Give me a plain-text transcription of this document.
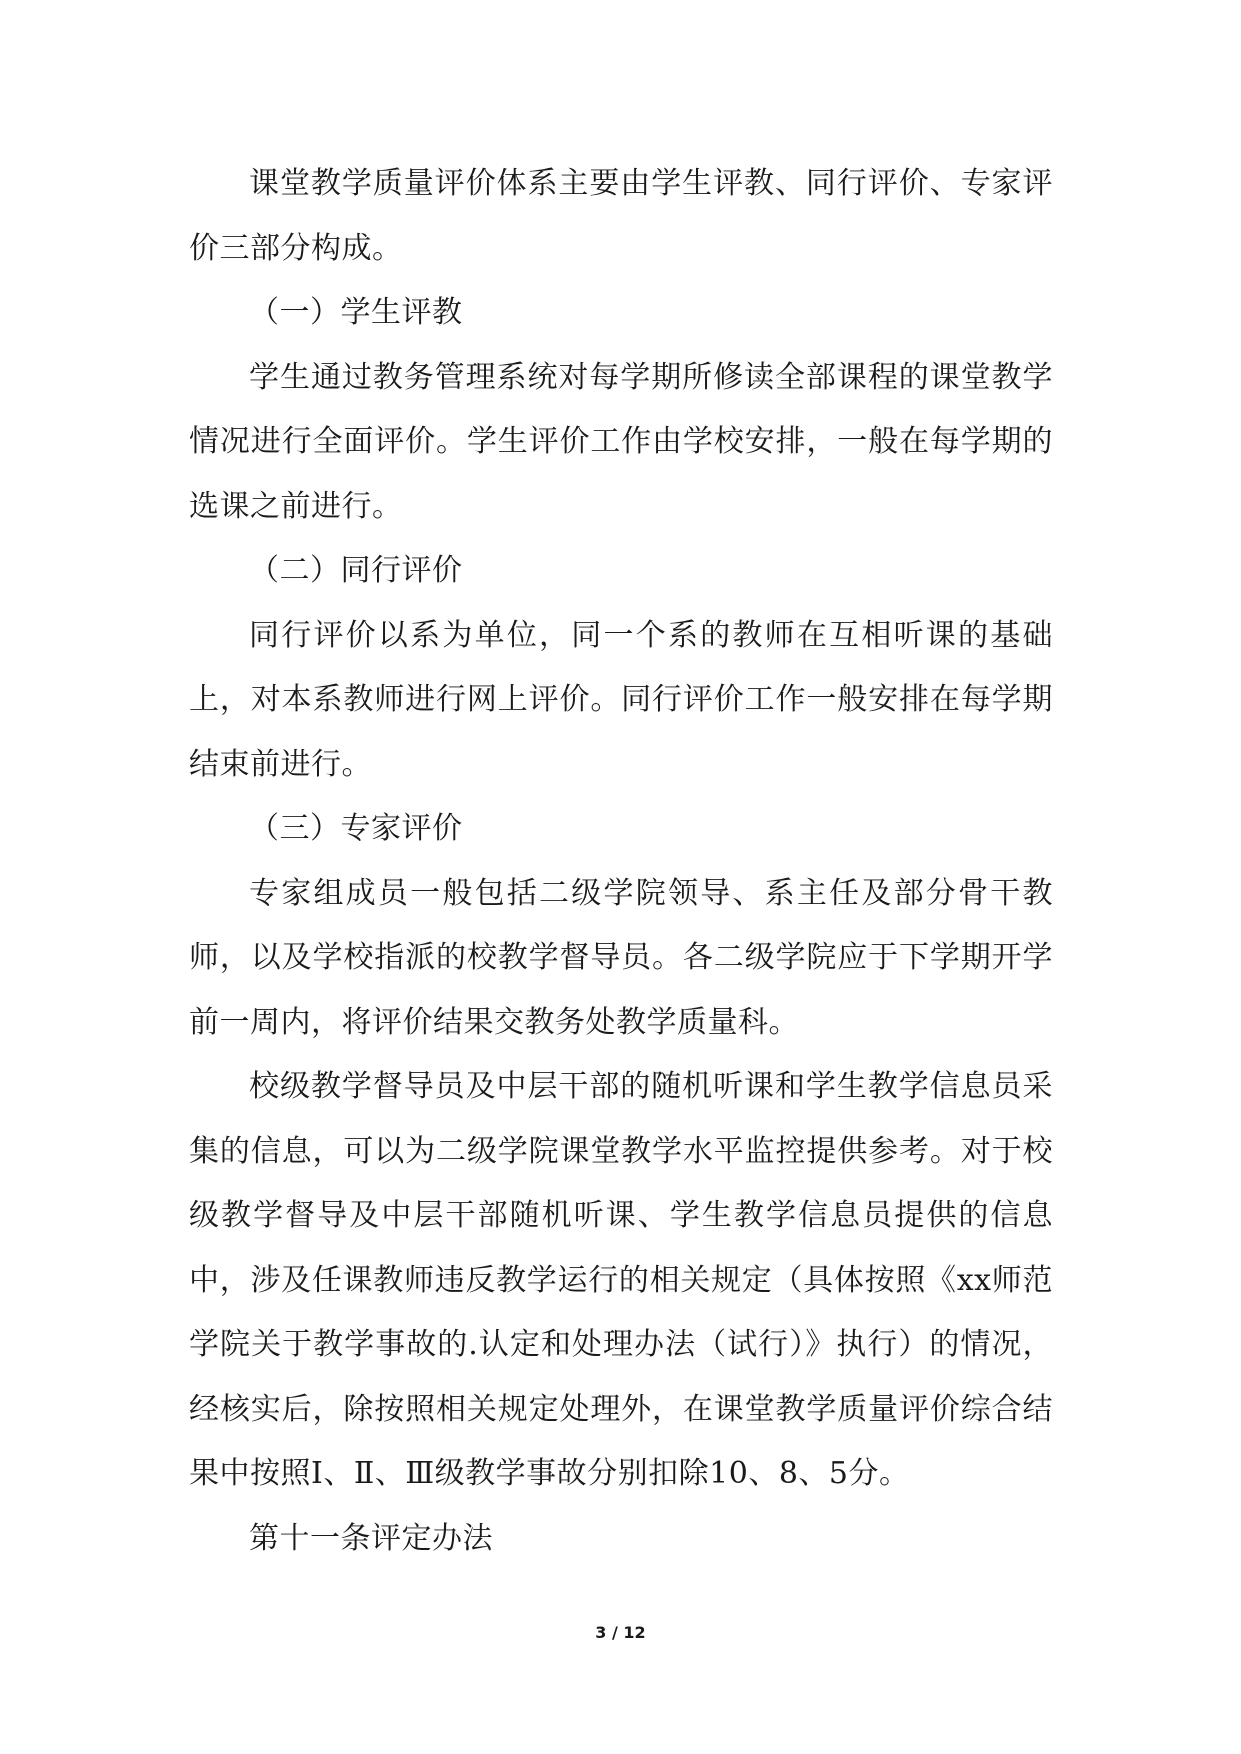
课堂教学质量评价体系主要由学生评教、同行评价、专家评价三部分构成。

（一）学生评教

学生通过教务管理系统对每学期所修读全部课程的课堂教学情况进行全面评价。学生评价工作由学校安排，一般在每学期的选课之前进行。

（二）同行评价

同行评价以系为单位，同一个系的教师在互相听课的基础上，对本系教师进行网上评价。同行评价工作一般安排在每学期结束前进行。

（三）专家评价

专家组成员一般包括二级学院领导、系主任及部分骨干教师，以及学校指派的校教学督导员。各二级学院应于下学期开学前一周内，将评价结果交教务处教学质量科。

校级教学督导员及中层干部的随机听课和学生教学信息员采集的信息，可以为二级学院课堂教学水平监控提供参考。对于校级教学督导及中层干部随机听课、学生教学信息员提供的信息中，涉及任课教师违反教学运行的相关规定（具体按照《xx师范学院关于教学事故的.认定和处理办法（试行）》执行）的情况，经核实后，除按照相关规定处理外，在课堂教学质量评价综合结果中按照Ⅰ、Ⅱ、Ⅲ级教学事故分别扣除10、8、5分。

第十一条评定办法

3 / 12
